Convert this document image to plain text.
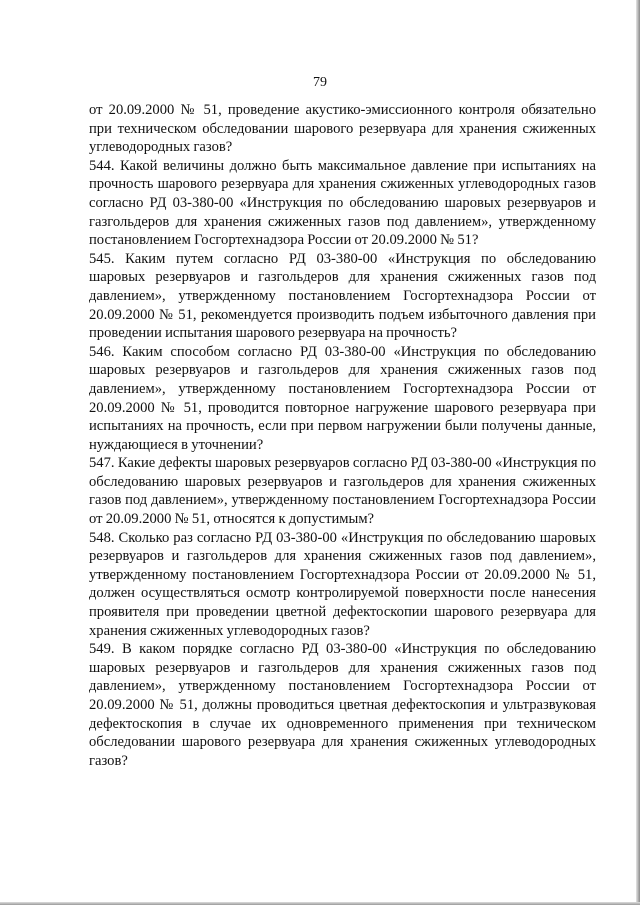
79

от 20.09.2000 № 51, проведение акустико-эмиссионного контроля обязательно при техническом обследовании шарового резервуара для хранения сжиженных углеводородных газов?

544. Какой величины должно быть максимальное давление при испытаниях на прочность шарового резервуара для хранения сжиженных углеводородных газов согласно РД 03-380-00 «Инструкция по обследованию шаровых резервуаров и газгольдеров для хранения сжиженных газов под давлением», утвержденному постановлением Госгортехнадзора России от 20.09.2000 № 51?

545. Каким путем согласно РД 03-380-00 «Инструкция по обследованию шаровых резервуаров и газгольдеров для хранения сжиженных газов под давлением», утвержденному постановлением Госгортехнадзора России от 20.09.2000 № 51, рекомендуется производить подъем избыточного давления при проведении испытания шарового резервуара на прочность?

546. Каким способом согласно РД 03-380-00 «Инструкция по обследованию шаровых резервуаров и газгольдеров для хранения сжиженных газов под давлением», утвержденному постановлением Госгортехнадзора России от 20.09.2000 № 51, проводится повторное нагружение шарового резервуара при испытаниях на прочность, если при первом нагружении были получены данные, нуждающиеся в уточнении?

547. Какие дефекты шаровых резервуаров согласно РД 03-380-00 «Инструкция по обследованию шаровых резервуаров и газгольдеров для хранения сжиженных газов под давлением», утвержденному постановлением Госгортехнадзора России от 20.09.2000 № 51, относятся к допустимым?

548. Сколько раз согласно РД 03-380-00 «Инструкция по обследованию шаровых резервуаров и газгольдеров для хранения сжиженных газов под давлением», утвержденному постановлением Госгортехнадзора России от 20.09.2000 № 51, должен осуществляться осмотр контролируемой поверхности после нанесения проявителя при проведении цветной дефектоскопии шарового резервуара для хранения сжиженных углеводородных газов?

549. В каком порядке согласно РД 03-380-00 «Инструкция по обследованию шаровых резервуаров и газгольдеров для хранения сжиженных газов под давлением», утвержденному постановлением Госгортехнадзора России от 20.09.2000 № 51, должны проводиться цветная дефектоскопия и ультразвуковая дефектоскопия в случае их одновременного применения при техническом обследовании шарового резервуара для хранения сжиженных углеводородных газов?
